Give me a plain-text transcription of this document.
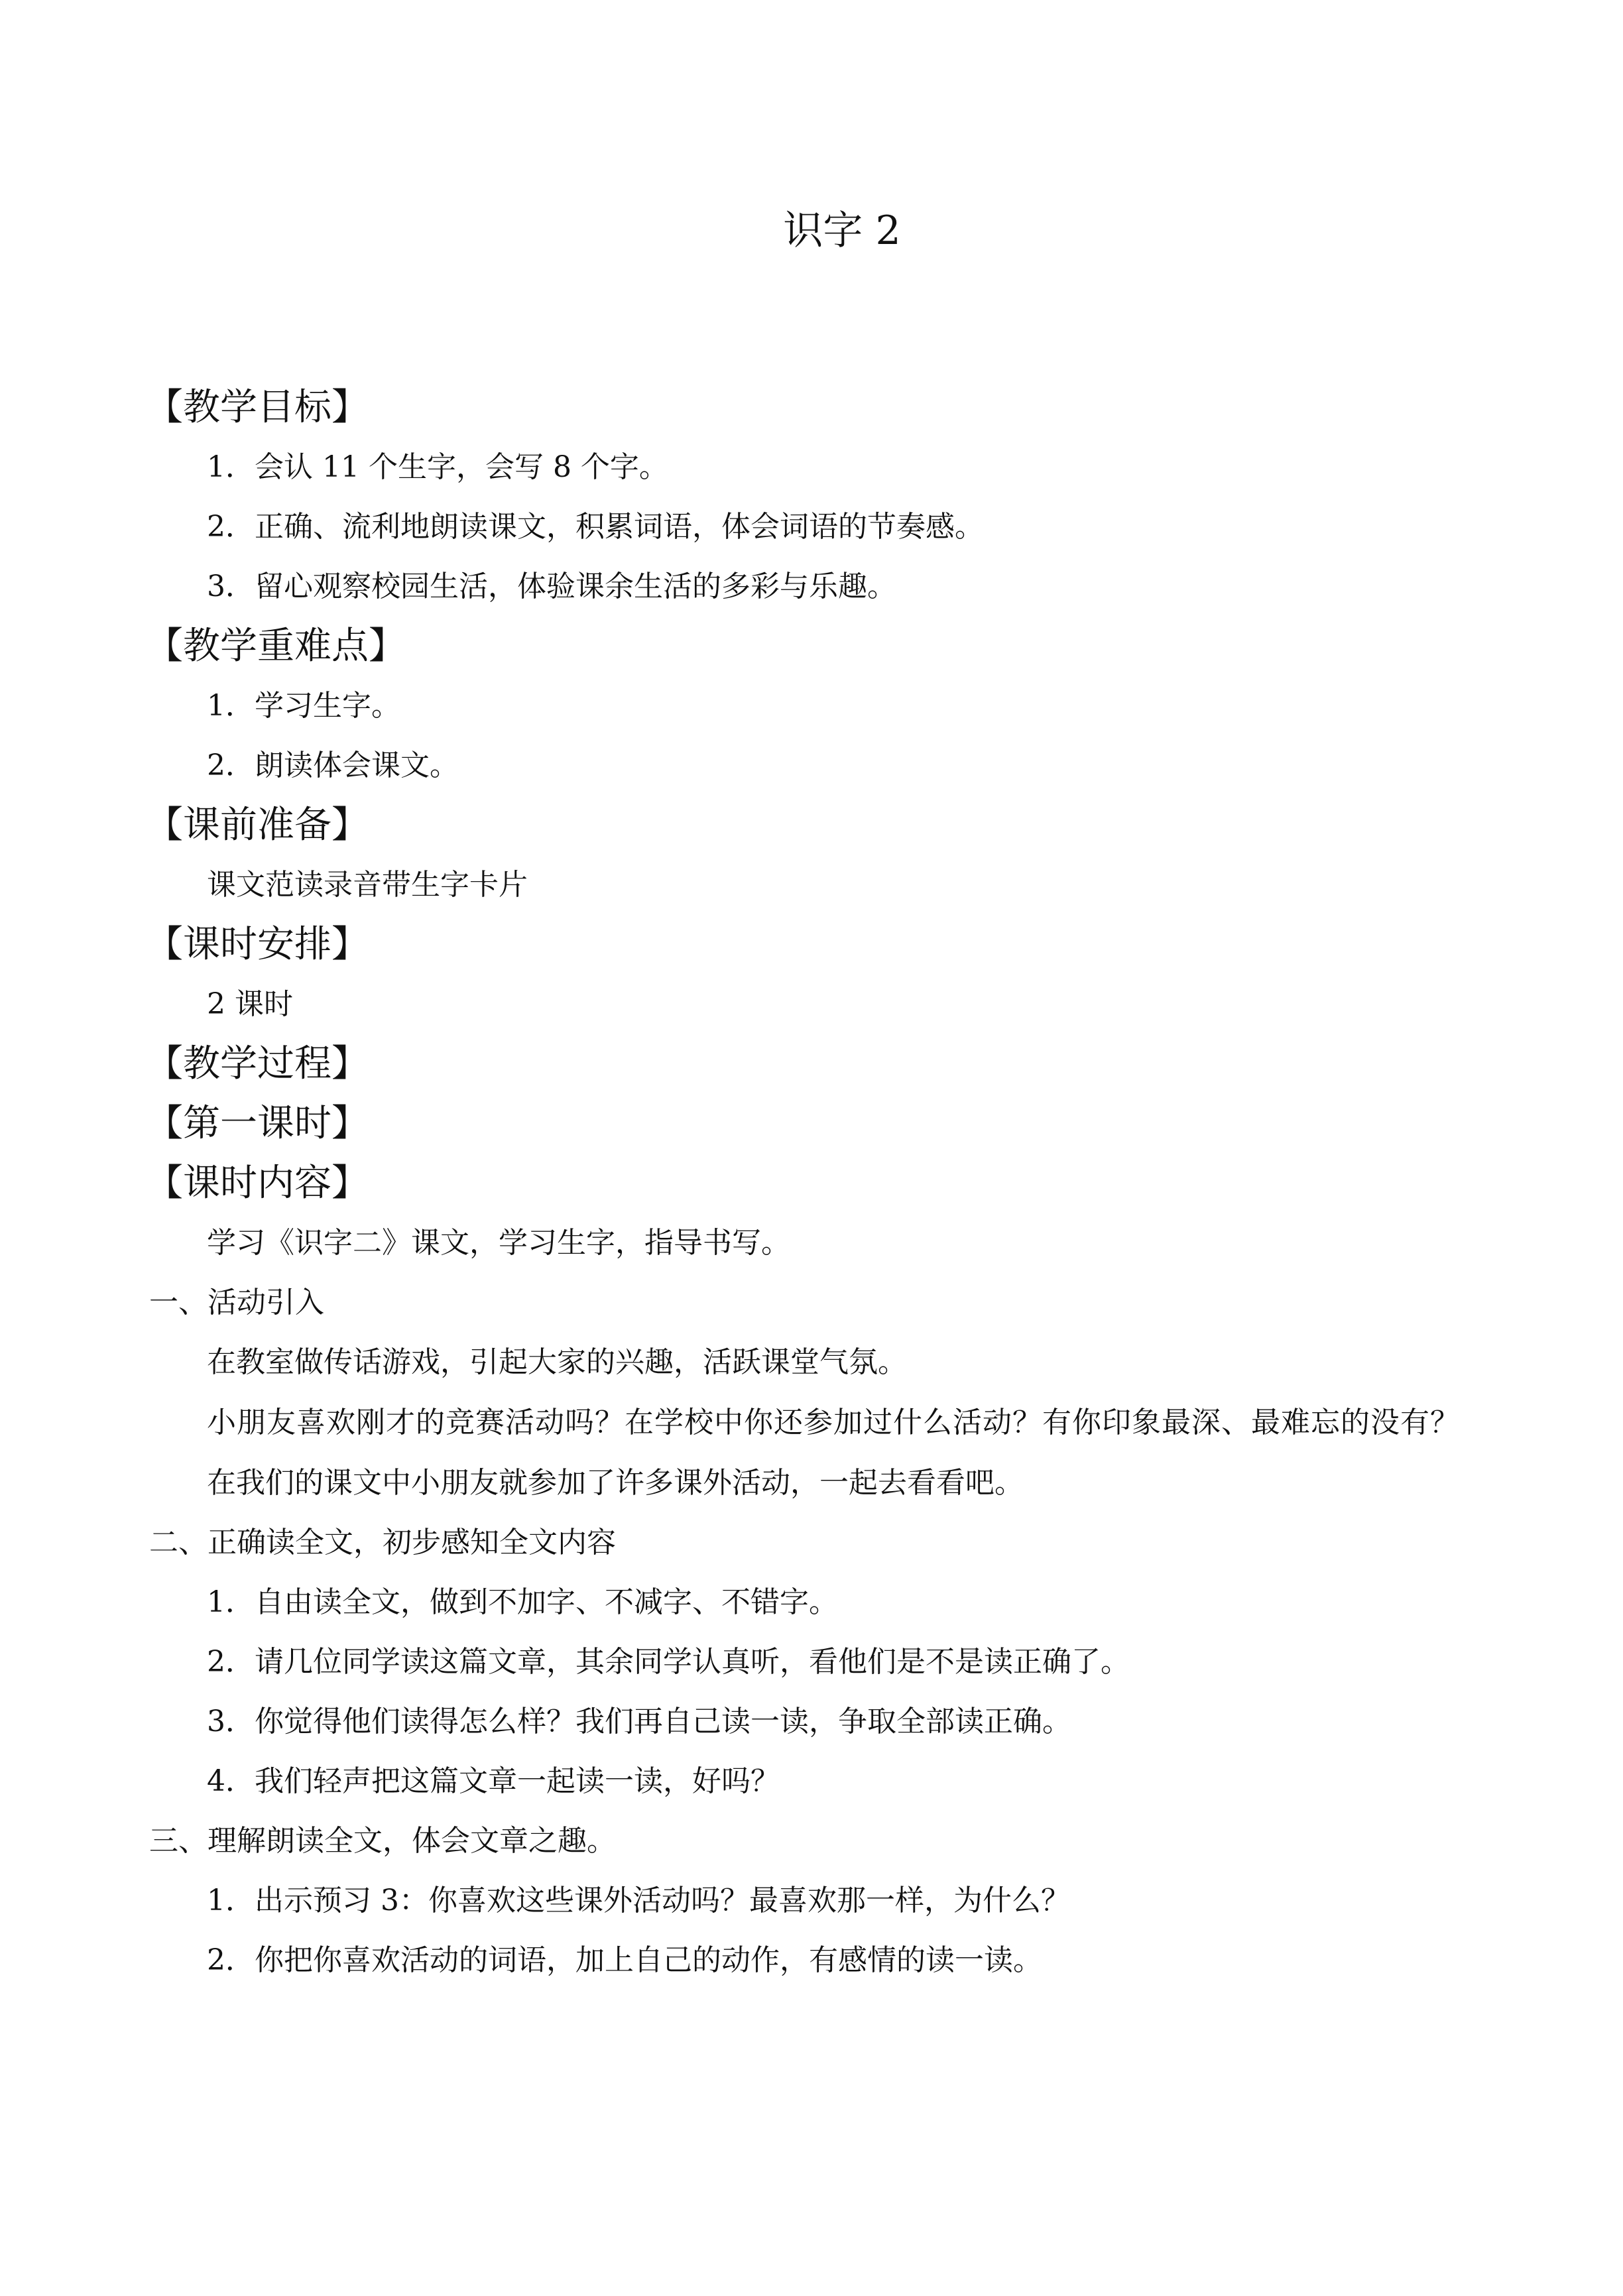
识字 2
【教学目标】
1．会认 11 个生字，会写 8 个字。
2．正确、流利地朗读课文，积累词语，体会词语的节奏感。
3．留心观察校园生活，体验课余生活的多彩与乐趣。
【教学重难点】
1．学习生字。
2．朗读体会课文。
【课前准备】
课文范读录音带生字卡片
【课时安排】
2 课时
【教学过程】
【第一课时】
【课时内容】
学习《识字二》课文，学习生字，指导书写。
一、活动引入
在教室做传话游戏，引起大家的兴趣，活跃课堂气氛。
小朋友喜欢刚才的竞赛活动吗？在学校中你还参加过什么活动？有你印象最深、最难忘的没有？
在我们的课文中小朋友就参加了许多课外活动，一起去看看吧。
二、正确读全文，初步感知全文内容
1．自由读全文，做到不加字、不减字、不错字。
2．请几位同学读这篇文章，其余同学认真听，看他们是不是读正确了。
3．你觉得他们读得怎么样？我们再自己读一读，争取全部读正确。
4．我们轻声把这篇文章一起读一读，好吗？
三、理解朗读全文，体会文章之趣。
1．出示预习 3：你喜欢这些课外活动吗？最喜欢那一样，为什么？
2．你把你喜欢活动的词语，加上自己的动作，有感情的读一读。
